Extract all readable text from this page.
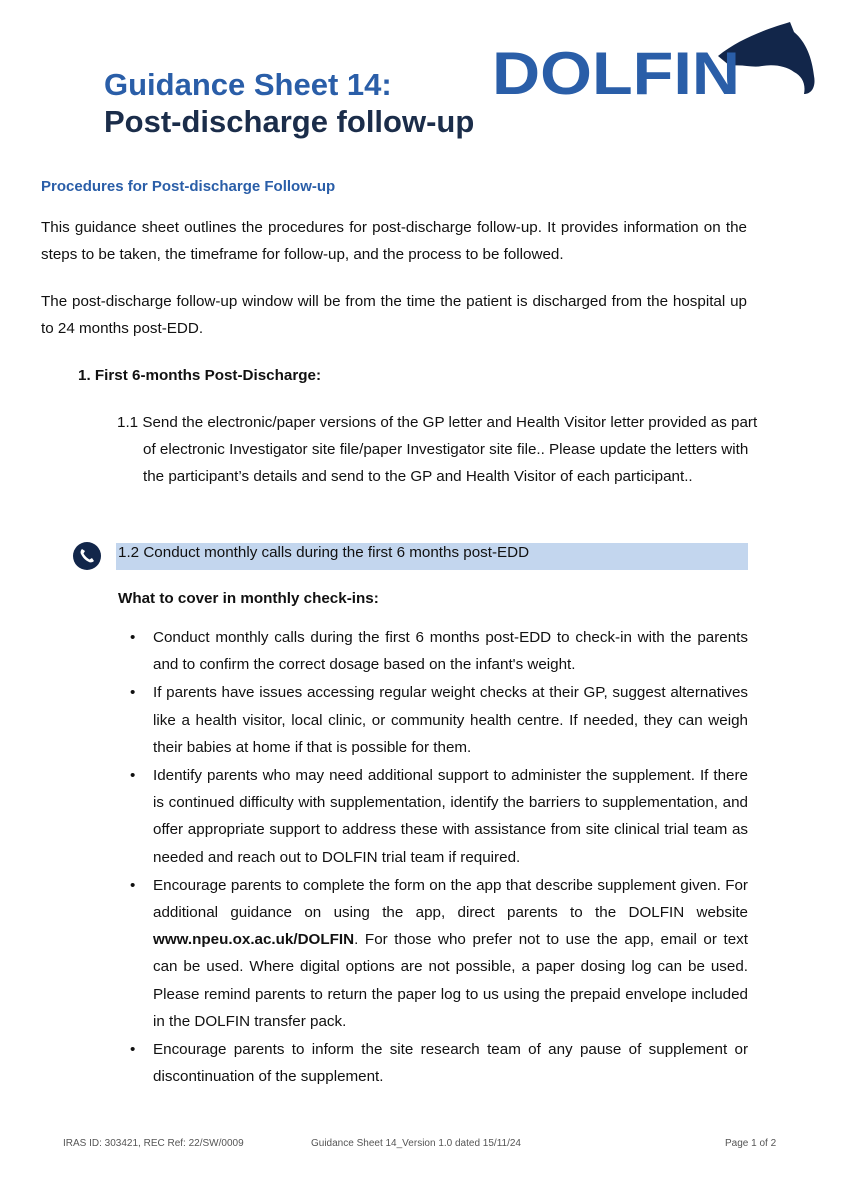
Guidance Sheet 14:
Post-discharge follow-up
DOLFIN
Procedures for Post-discharge Follow-up

This guidance sheet outlines the procedures for post-discharge follow-up. It provides information on the steps to be taken, the timeframe for follow-up, and the process to be followed.

The post-discharge follow-up window will be from the time the patient is discharged from the hospital up to 24 months post-EDD.

1. First 6-months Post-Discharge:

1.1 Send the electronic/paper versions of the GP letter and Health Visitor letter provided as part of electronic Investigator site file/paper Investigator site file.. Please update the letters with the participant’s details and send to the GP and Health Visitor of each participant..

1.2 Conduct monthly calls during the first 6 months post-EDD

What to cover in monthly check-ins:

• Conduct monthly calls during the first 6 months post-EDD to check-in with the parents and to confirm the correct dosage based on the infant's weight.
• If parents have issues accessing regular weight checks at their GP, suggest alternatives like a health visitor, local clinic, or community health centre. If needed, they can weigh their babies at home if that is possible for them.
• Identify parents who may need additional support to administer the supplement. If there is continued difficulty with supplementation, identify the barriers to supplementation, and offer appropriate support to address these with assistance from site clinical trial team as needed and reach out to DOLFIN trial team if required.
• Encourage parents to complete the form on the app that describe supplement given. For additional guidance on using the app, direct parents to the DOLFIN website www.npeu.ox.ac.uk/DOLFIN. For those who prefer not to use the app, email or text can be used. Where digital options are not possible, a paper dosing log can be used. Please remind parents to return the paper log to us using the prepaid envelope included in the DOLFIN transfer pack.
• Encourage parents to inform the site research team of any pause of supplement or discontinuation of the supplement.

IRAS ID: 303421, REC Ref: 22/SW/0009	Guidance Sheet 14_Version 1.0 dated 15/11/24	Page 1 of 2
